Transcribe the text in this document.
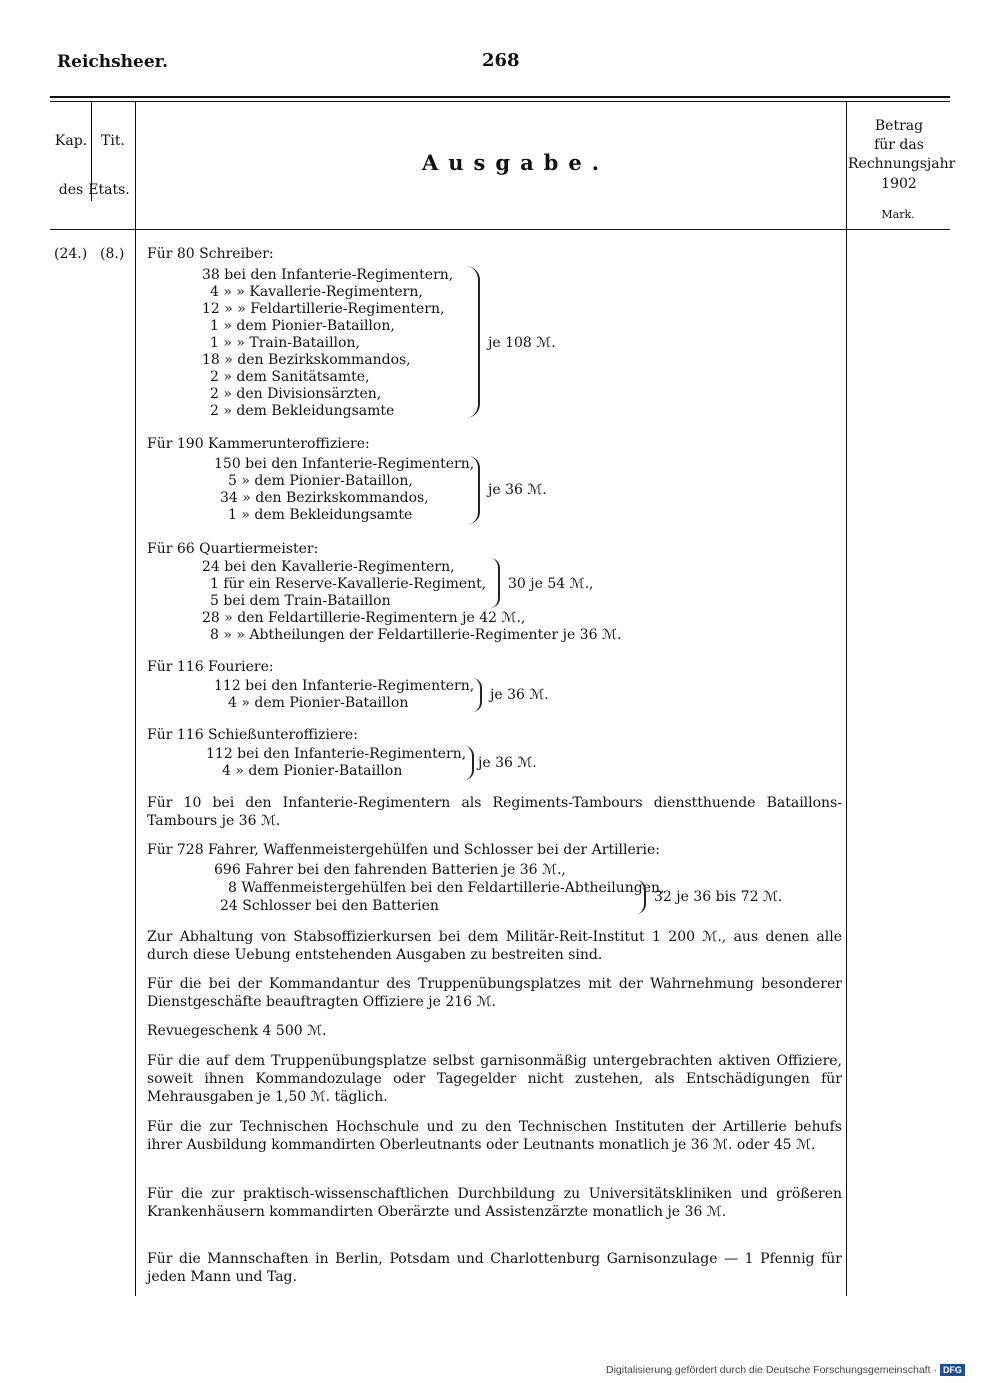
Reichsheer.	268
Kap. Tit.
des Etats.
Ausgabe.
Betrag
für das
Rechnungsjahr
1902
Mark.
(24.) (8.) Für 80 Schreiber:
38 bei den Infanterie-Regimentern,
4 » » Kavallerie-Regimentern,
12 » » Feldartillerie-Regimentern,
1 » dem Pionier-Bataillon,
1 » » Train-Bataillon,
18 » den Bezirkskommandos,
2 » dem Sanitätsamte,
2 » den Divisionsärzten,
2 » dem Bekleidungsamte
je 108 ℳ.
Für 190 Kammerunteroffiziere:
150 bei den Infanterie-Regimentern,
5 » dem Pionier-Bataillon,
34 » den Bezirkskommandos,
1 » dem Bekleidungsamte
je 36 ℳ.
Für 66 Quartiermeister:
24 bei den Kavallerie-Regimentern,
1 für ein Reserve-Kavallerie-Regiment,
5 bei dem Train-Bataillon
30 je 54 ℳ.,
28 » den Feldartillerie-Regimentern je 42 ℳ.,
8 » » Abtheilungen der Feldartillerie-Regimenter je 36 ℳ.
Für 116 Fouriere:
112 bei den Infanterie-Regimentern,
4 » dem Pionier-Bataillon	je 36 ℳ.
Für 116 Schießunteroffiziere:
112 bei den Infanterie-Regimentern,
4 » dem Pionier-Bataillon	je 36 ℳ.
Für 10 bei den Infanterie-Regimentern als Regiments-Tambours dienstthuende Bataillons-Tambours je 36 ℳ.
Für 728 Fahrer, Waffenmeistergehülfen und Schlosser bei der Artillerie:
696 Fahrer bei den fahrenden Batterien je 36 ℳ.,
8 Waffenmeistergehülfen bei den Feldartillerie-Abtheilungen,
24 Schlosser bei den Batterien
32 je 36 bis 72 ℳ.
Zur Abhaltung von Stabsoffizierkursen bei dem Militär-Reit-Institut 1 200 ℳ., aus denen alle durch diese Uebung entstehenden Ausgaben zu bestreiten sind.
Für die bei der Kommandantur des Truppenübungsplatzes mit der Wahrnehmung besonderer Dienstgeschäfte beauftragten Offiziere je 216 ℳ.
Revuegeschenk 4 500 ℳ.
Für die auf dem Truppenübungsplatze selbst garnisonmäßig untergebrachten aktiven Offiziere, soweit ihnen Kommandozulage oder Tagegelder nicht zustehen, als Entschädigungen für Mehrausgaben je 1,50 ℳ. täglich.
Für die zur Technischen Hochschule und zu den Technischen Instituten der Artillerie behufs ihrer Ausbildung kommandirten Oberleutnants oder Leutnants monatlich je 36 ℳ. oder 45 ℳ.
Für die zur praktisch-wissenschaftlichen Durchbildung zu Universitätskliniken und größeren Krankenhäusern kommandirten Oberärzte und Assistenzärzte monatlich je 36 ℳ.
Für die Mannschaften in Berlin, Potsdam und Charlottenburg Garnisonzulage — 1 Pfennig für jeden Mann und Tag.
Digitalisierung gefördert durch die Deutsche Forschungsgemeinschaft · DFG
